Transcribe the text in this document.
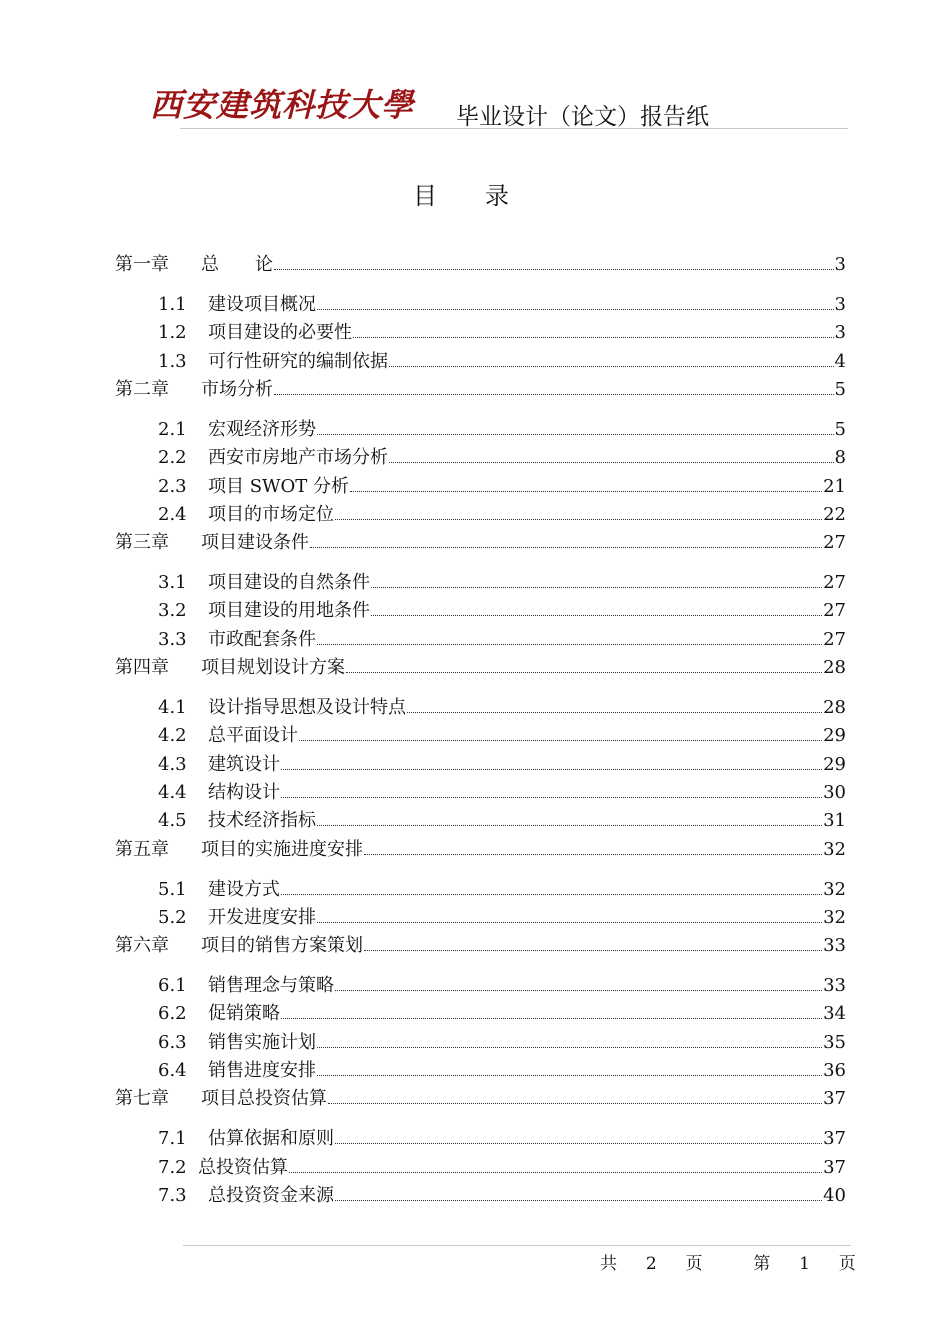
西安建筑科技大學 毕业设计（论文）报告纸
目录
第一章	总　　论	3
1.1	建设项目概况	3
1.2	项目建设的必要性	3
1.3	可行性研究的编制依据	4
第二章	市场分析	5
2.1	宏观经济形势	5
2.2	西安市房地产市场分析	8
2.3	项目 SWOT 分析	21
2.4	项目的市场定位	22
第三章	项目建设条件	27
3.1	项目建设的自然条件	27
3.2	项目建设的用地条件	27
3.3	市政配套条件	27
第四章	项目规划设计方案	28
4.1	设计指导思想及设计特点	28
4.2	总平面设计	29
4.3	建筑设计	29
4.4	结构设计	30
4.5	技术经济指标	31
第五章	项目的实施进度安排	32
5.1	建设方式	32
5.2	开发进度安排	32
第六章	项目的销售方案策划	33
6.1	销售理念与策略	33
6.2	促销策略	34
6.3	销售实施计划	35
6.4	销售进度安排	36
第七章	项目总投资估算	37
7.1	估算依据和原则	37
7.2 总投资估算	37
7.3	总投资资金来源	40
共 2 页	第 1 页
